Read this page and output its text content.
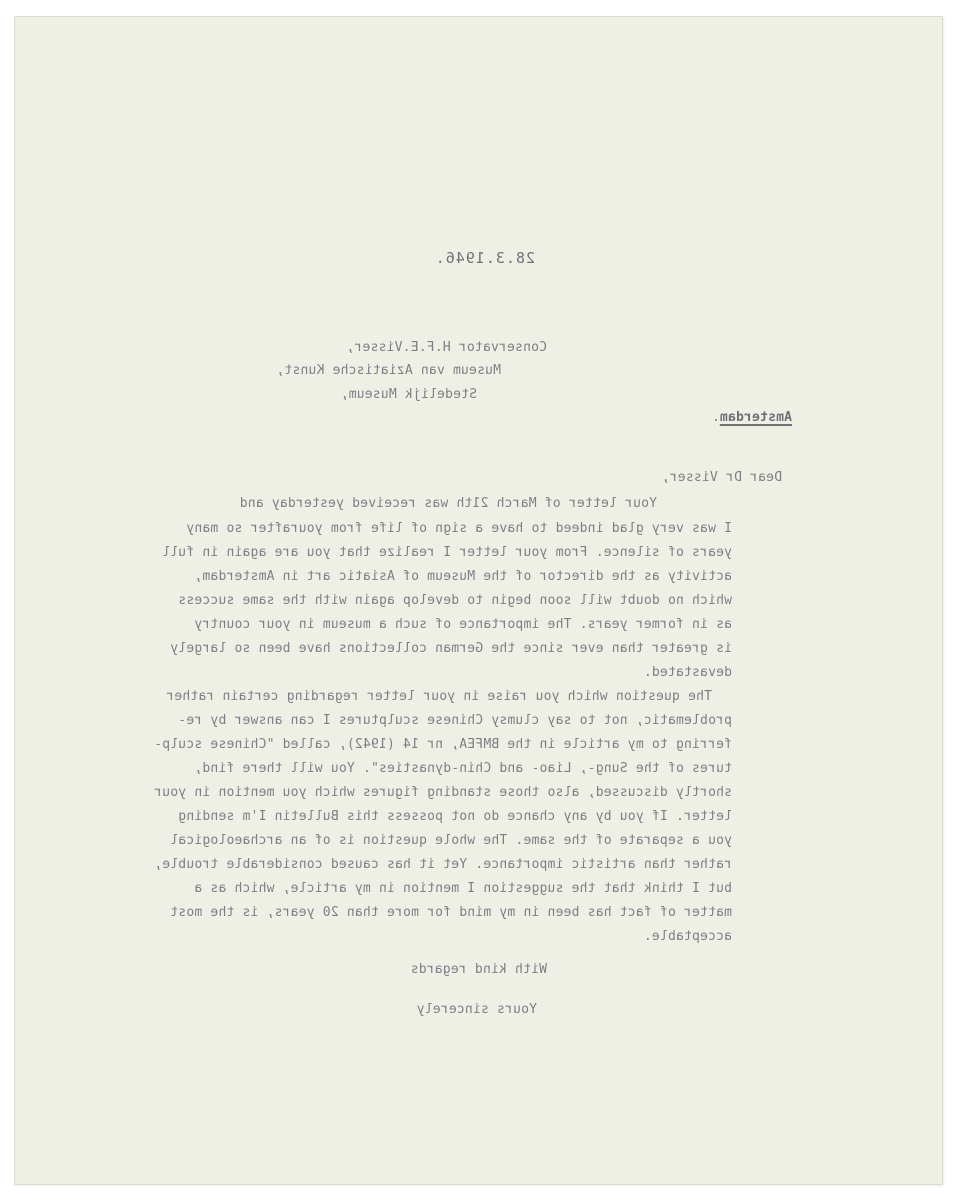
28.3.1946.
Conservator H.F.E.Visser,
Museum van Aziatische Kunst,
Stedelijk Museum,
Amsterdam.
Dear Dr Visser,
Your letter of March 21th was received yesterday and
I was very glad indeed to have a sign of life from yourafter so many
years of silence. From your letter I realize that you are again in full
activity as the director of the Museum of Asiatic art in Amsterdam,
which no doubt will soon begin to develop again with the same success
as in former years. The importance of such a museum in your country
is greater than ever since the German collections have been so largely
devastated.
The question which you raise in your letter regarding certain rather
problematic, not to say clumsy Chinese sculptures I can answer by re-
ferring to my article in the BMFEA, nr 14 (1942), called "Chinese sculp-
tures of the Sung-, Liao- and Chin-dynasties". You will there find,
shortly discussed, also those standing figures which you mention in your
letter. If you by any chance do not possess this Bulletin I'm sending
you a separate of the same. The whole question is of an archaeological
rather than artistic importance. Yet it has caused considerable trouble,
but I think that the suggestion I mention in my article, which as a
matter of fact has been in my mind for more than 20 years, is the most
acceptable.
With kind regards
Yours sincerely
